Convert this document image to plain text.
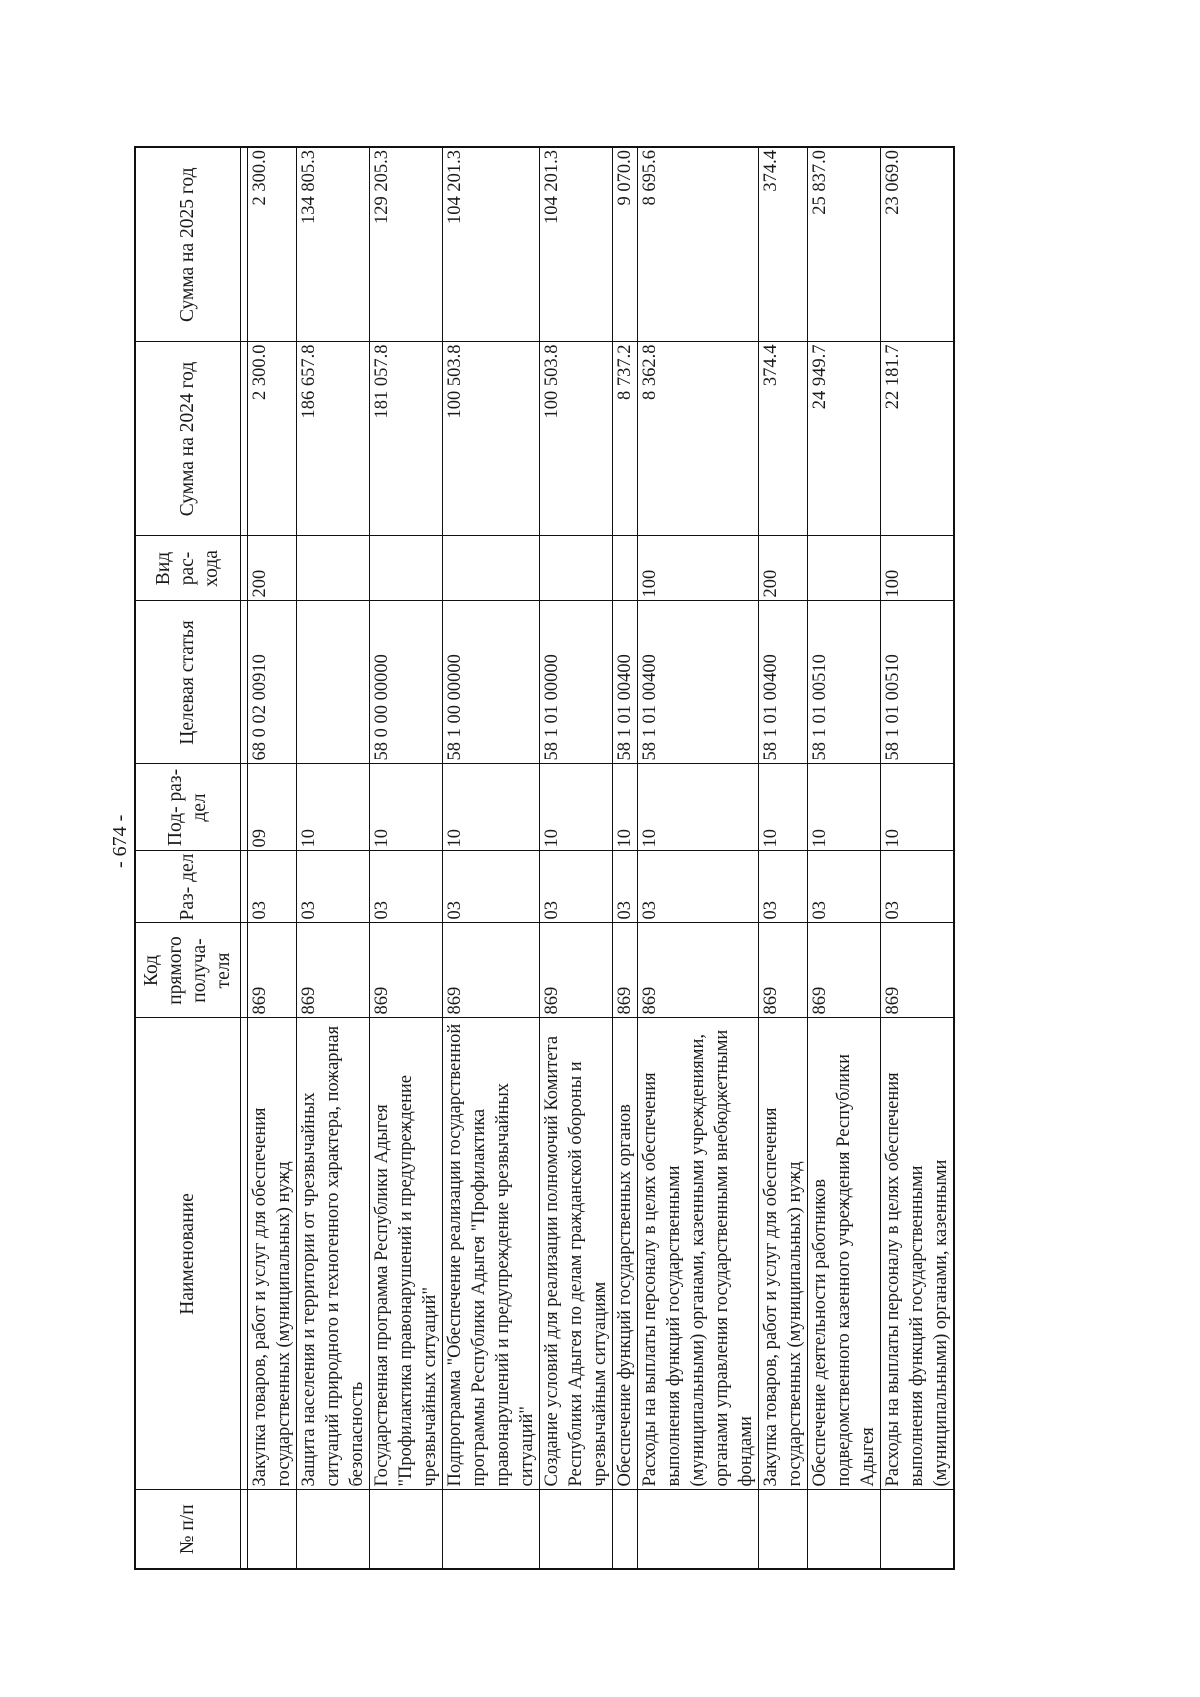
- 674 -
№ п/п	Наименование	Код прямого получа- теля	Раз- дел	Под- раз- дел	Целевая статья	Вид рас- хода	Сумма на 2024 год	Сумма на 2025 год

	Закупка товаров, работ и услуг для обеспечения государственных (муниципальных) нужд	869	03	09	68 0 02 00910	200	2 300.0	2 300.0
	Защита населения и территории от чрезвычайных ситуаций природного и техногенного характера, пожарная безопасность	869	03	10			186 657.8	134 805.3
	Государственная программа Республики Адыгея "Профилактика правонарушений и предупреждение чрезвычайных ситуаций"	869	03	10	58 0 00 00000		181 057.8	129 205.3
	Подпрограмма "Обеспечение реализации государственной программы Республики Адыгея "Профилактика правонарушений и предупреждение чрезвычайных ситуаций"	869	03	10	58 1 00 00000		100 503.8	104 201.3
	Создание условий для реализации полномочий Комитета Республики Адыгея по делам гражданской обороны и чрезвычайным ситуациям	869	03	10	58 1 01 00000		100 503.8	104 201.3
	Обеспечение функций государственных органов	869	03	10	58 1 01 00400		8 737.2	9 070.0
	Расходы на выплаты персоналу в целях обеспечения выполнения функций государственными (муниципальными) органами, казенными учреждениями, органами управления государственными внебюджетными фондами	869	03	10	58 1 01 00400	100	8 362.8	8 695.6
	Закупка товаров, работ и услуг для обеспечения государственных (муниципальных) нужд	869	03	10	58 1 01 00400	200	374.4	374.4
	Обеспечение деятельности работников подведомственного казенного учреждения Республики Адыгея	869	03	10	58 1 01 00510		24 949.7	25 837.0
	Расходы на выплаты персоналу в целях обеспечения выполнения функций государственными (муниципальными) органами, казенными	869	03	10	58 1 01 00510	100	22 181.7	23 069.0
